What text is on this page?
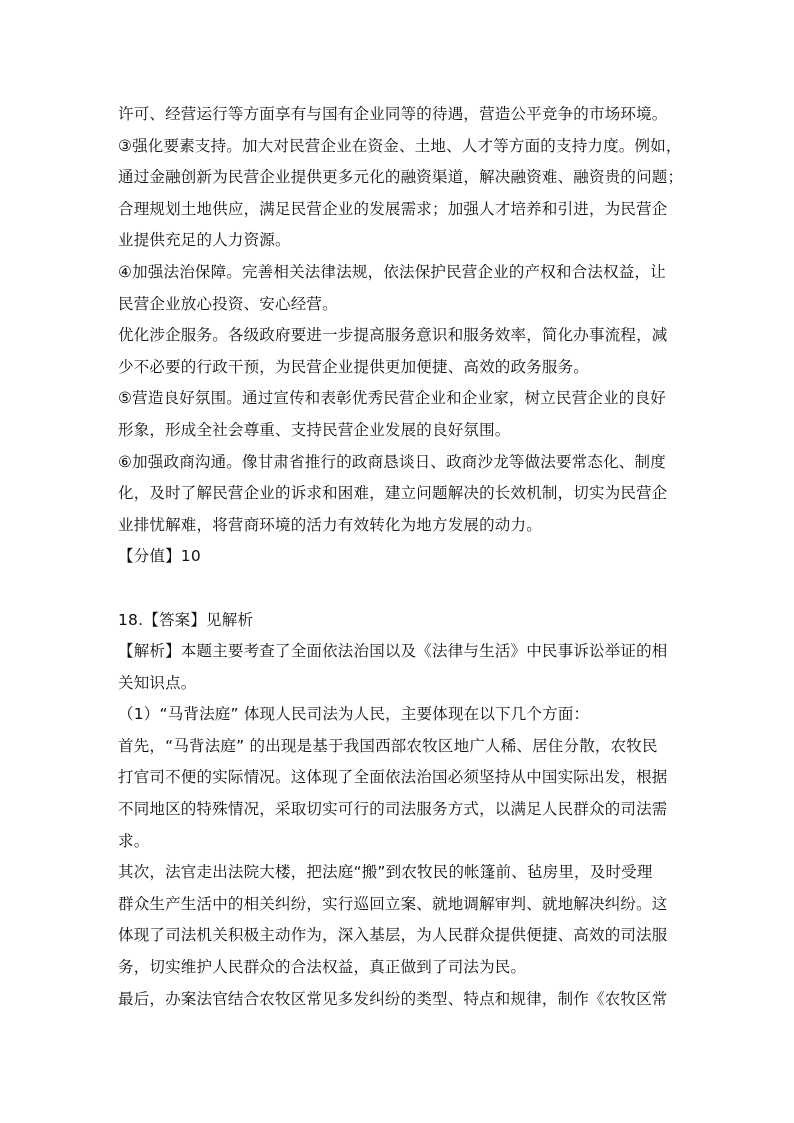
许可、经营运行等方面享有与国有企业同等的待遇，营造公平竞争的市场环境。
③强化要素支持。加大对民营企业在资金、土地、人才等方面的支持力度。例如，
通过金融创新为民营企业提供更多元化的融资渠道，解决融资难、融资贵的问题；
合理规划土地供应，满足民营企业的发展需求；加强人才培养和引进，为民营企
业提供充足的人力资源。
④加强法治保障。完善相关法律法规，依法保护民营企业的产权和合法权益，让
民营企业放心投资、安心经营。
优化涉企服务。各级政府要进一步提高服务意识和服务效率，简化办事流程，减
少不必要的行政干预，为民营企业提供更加便捷、高效的政务服务。
⑤营造良好氛围。通过宣传和表彰优秀民营企业和企业家，树立民营企业的良好
形象，形成全社会尊重、支持民营企业发展的良好氛围。
⑥加强政商沟通。像甘肃省推行的政商恳谈日、政商沙龙等做法要常态化、制度
化，及时了解民营企业的诉求和困难，建立问题解决的长效机制，切实为民营企
业排忧解难，将营商环境的活力有效转化为地方发展的动力。
【分值】10
18.【答案】见解析
【解析】本题主要考查了全面依法治国以及《法律与生活》中民事诉讼举证的相
关知识点。
（1）“马背法庭” 体现人民司法为人民，主要体现在以下几个方面：
首先，“马背法庭” 的出现是基于我国西部农牧区地广人稀、居住分散，农牧民
打官司不便的实际情况。这体现了全面依法治国必须坚持从中国实际出发，根据
不同地区的特殊情况，采取切实可行的司法服务方式，以满足人民群众的司法需
求。
其次，法官走出法院大楼，把法庭“搬”到农牧民的帐篷前、毡房里，及时受理
群众生产生活中的相关纠纷，实行巡回立案、就地调解审判、就地解决纠纷。这
体现了司法机关积极主动作为，深入基层，为人民群众提供便捷、高效的司法服
务，切实维护人民群众的合法权益，真正做到了司法为民。
最后，办案法官结合农牧区常见多发纠纷的类型、特点和规律，制作《农牧区常
